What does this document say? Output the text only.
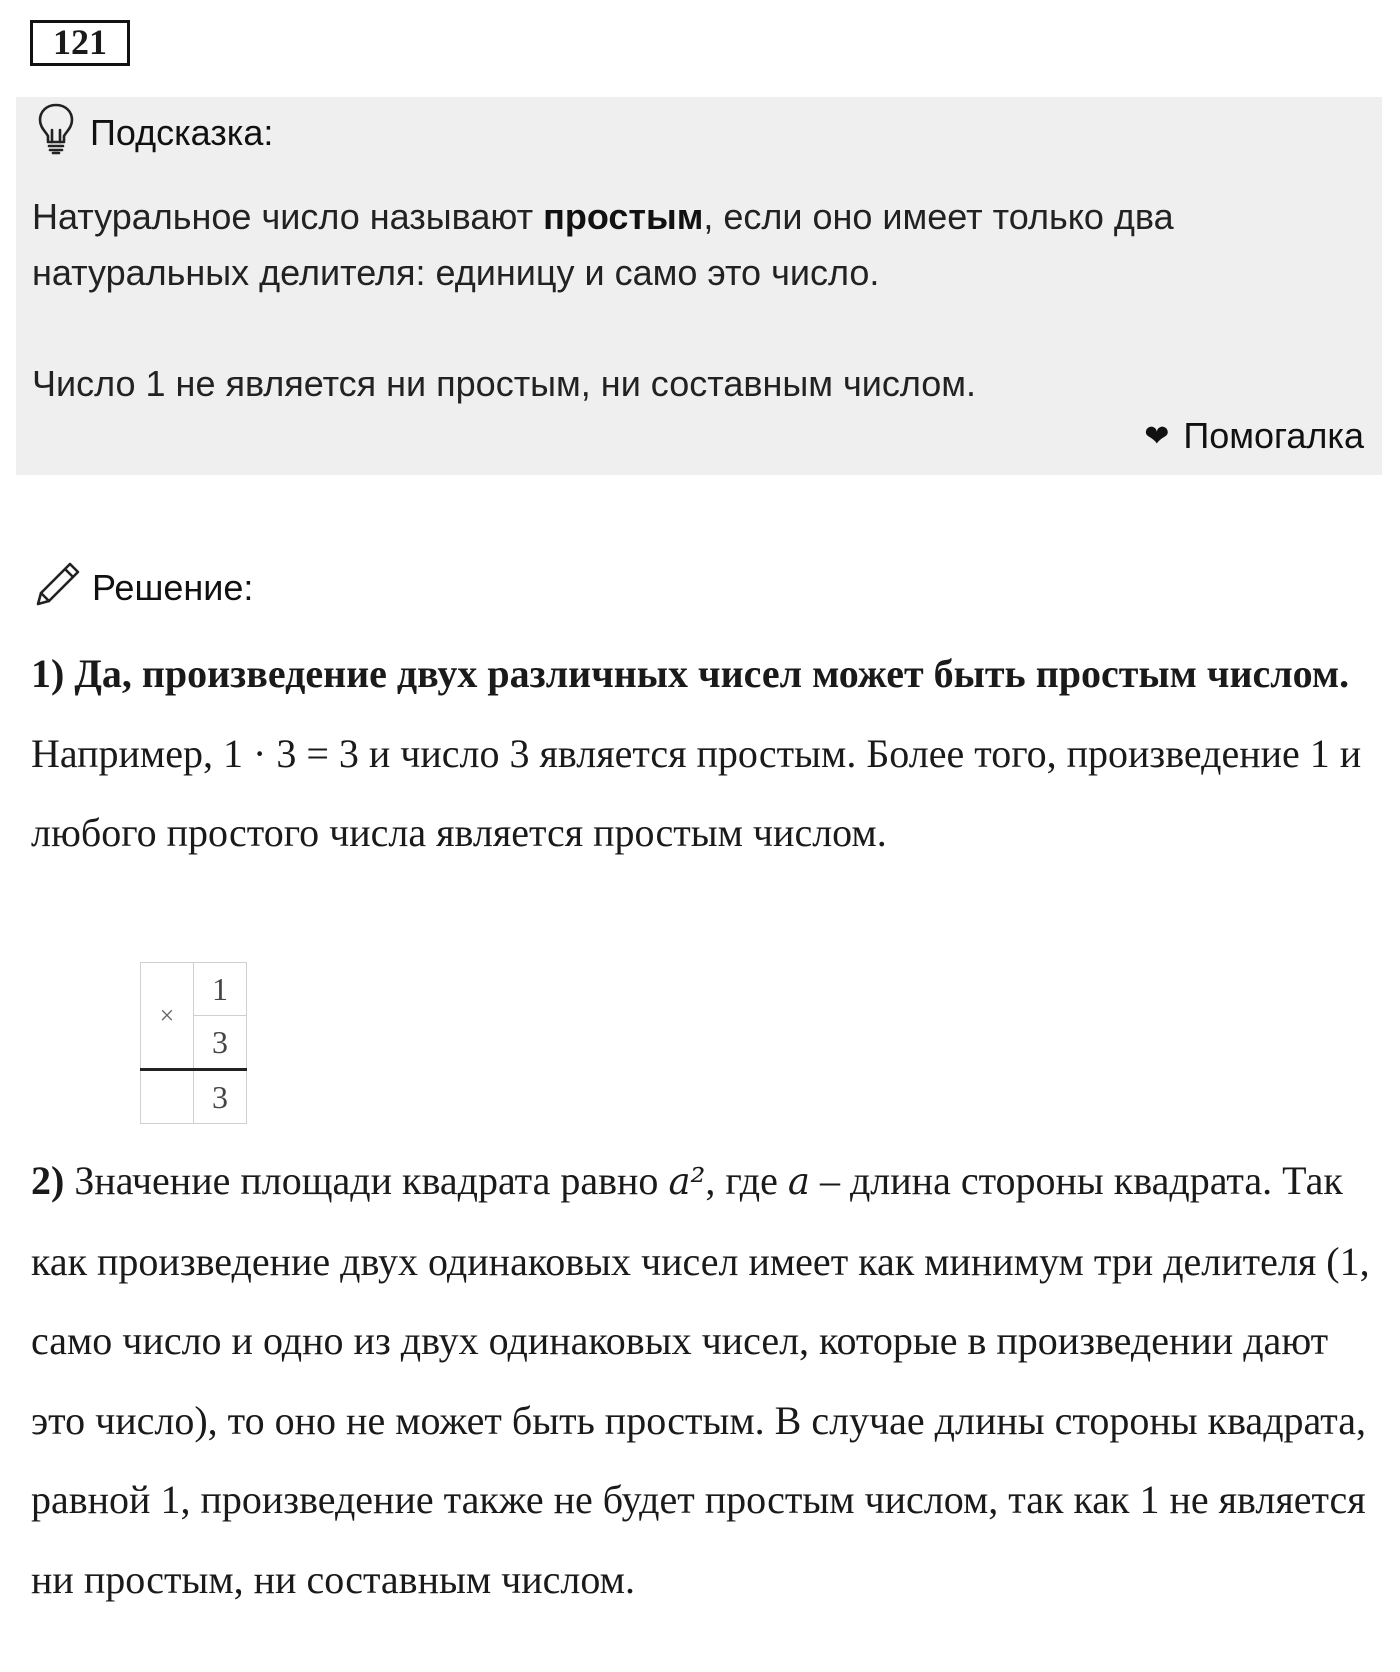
121
Подсказка:

Натуральное число называют простым, если оно имеет только два натуральных делителя: единицу и само это число.

Число 1 не является ни простым, ни составным числом.
❤ Помогалка
Решение:

1) Да, произведение двух различных чисел может быть простым числом. Например, 1 · 3 = 3 и число 3 является простым. Более того, произведение 1 и любого простого числа является простым числом.

×	1
	3
	3

2) Значение площади квадрата равно a², где a – длина стороны квадрата. Так как произведение двух одинаковых чисел имеет как минимум три делителя (1, само число и одно из двух одинаковых чисел, которые в произведении дают это число), то оно не может быть простым. В случае длины стороны квадрата, равной 1, произведение также не будет простым числом, так как 1 не является ни простым, ни составным числом.
